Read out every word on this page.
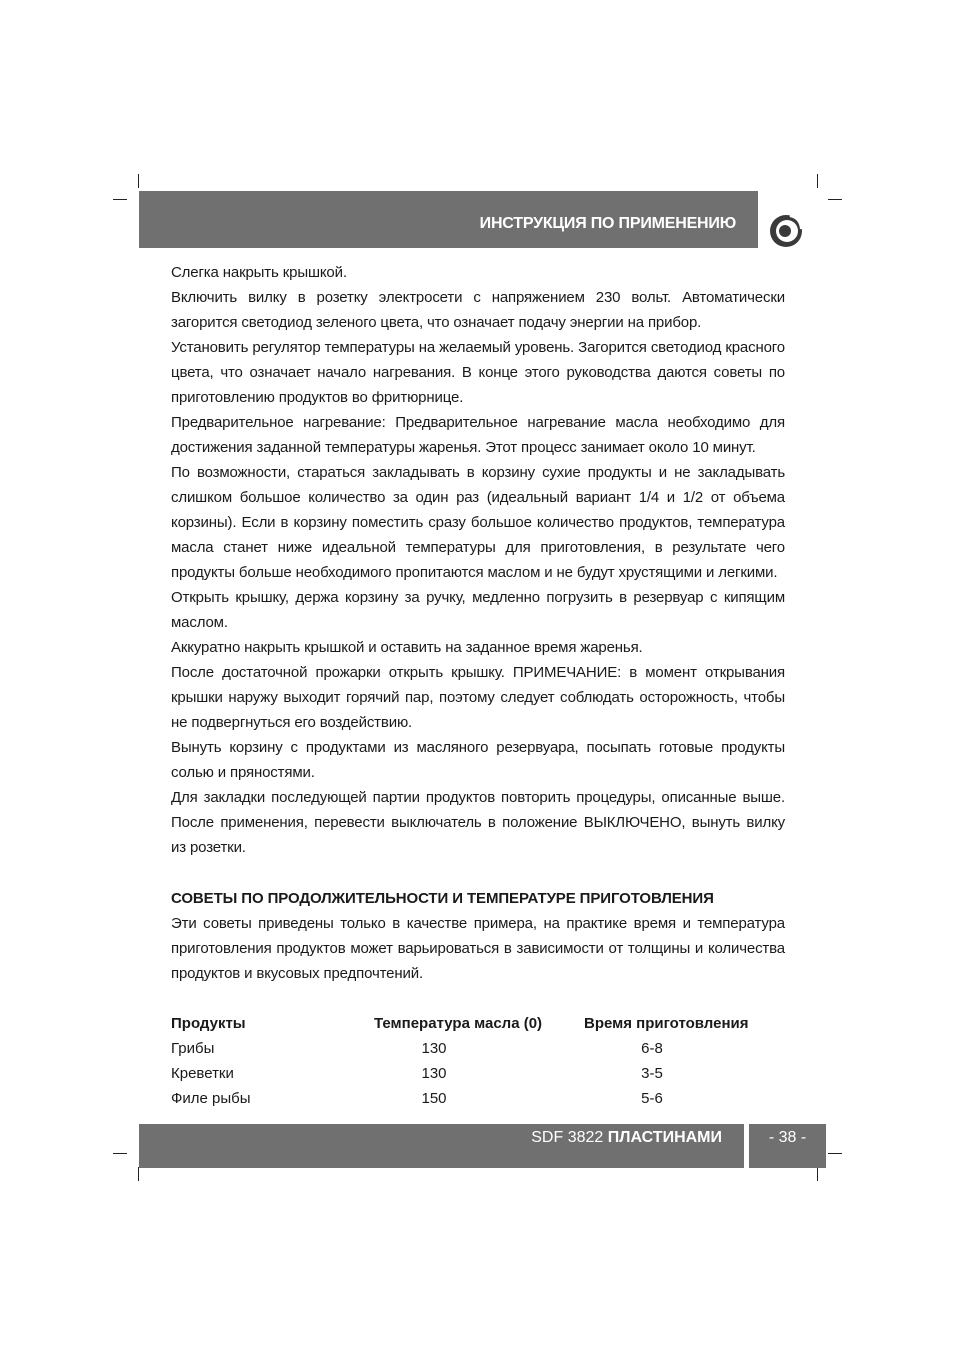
ИНСТРУКЦИЯ ПО ПРИМЕНЕНИЮ

Слегка накрыть крышкой.

Включить вилку в розетку электросети с напряжением 230 вольт. Автоматически загорится светодиод зеленого цвета, что означает подачу энергии на прибор.

Установить регулятор температуры на желаемый уровень. Загорится светодиод красного цвета, что означает начало нагревания. В конце этого руководства даются советы по приготовлению продуктов во фритюрнице.

Предварительное нагревание: Предварительное нагревание масла необходимо для достижения заданной температуры жаренья. Этот процесс занимает около 10 минут.

По возможности, стараться закладывать в корзину сухие продукты и не закладывать слишком большое количество за один раз (идеальный вариант 1/4 и 1/2 от объема корзины). Если в корзину поместить сразу большое количество продуктов, температура масла станет ниже идеальной температуры для приготовления, в результате чего продукты больше необходимого пропитаются маслом и не будут хрустящими и легкими.

Открыть крышку, держа корзину за ручку, медленно погрузить в резервуар с кипящим маслом.

Аккуратно накрыть крышкой и оставить на заданное время жаренья.

После достаточной прожарки открыть крышку. ПРИМЕЧАНИЕ: в момент открывания крышки наружу выходит горячий пар, поэтому следует соблюдать осторожность, чтобы не подвергнуться его воздействию.

Вынуть корзину с продуктами из масляного резервуара, посыпать готовые продукты солью и пряностями.

Для закладки последующей партии продуктов повторить процедуры, описанные выше. После применения, перевести выключатель в положение ВЫКЛЮЧЕНО, вынуть вилку из розетки.

СОВЕТЫ ПО ПРОДОЛЖИТЕЛЬНОСТИ И ТЕМПЕРАТУРЕ ПРИГОТОВЛЕНИЯ

Эти советы приведены только в качестве примера, на практике время и температура приготовления продуктов может варьироваться в зависимости от толщины и количества продуктов и вкусовых предпочтений.

Продукты	Температура масла (0)	Время приготовления
Грибы	130	6-8
Креветки	130	3-5
Филе рыбы	150	5-6
SDF 3822 ПЛАСТИНАМИ	- 38 -
